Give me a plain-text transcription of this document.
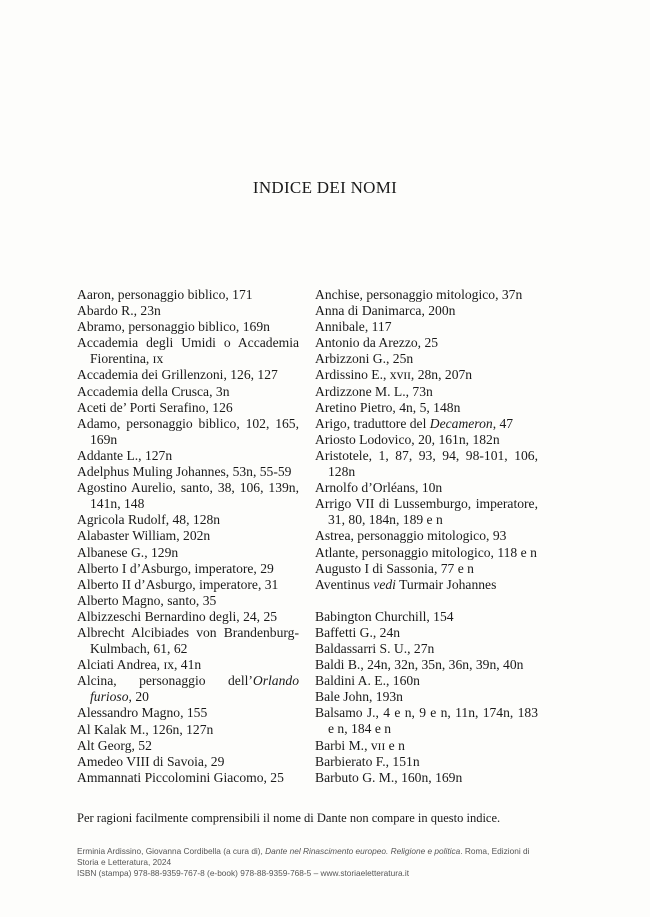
INDICE DEI NOMI
Aaron, personaggio biblico, 171
Abardo R., 23n
Abramo, personaggio biblico, 169n
Accademia degli Umidi o Accademia Fiorentina, ɪx
Accademia dei Grillenzoni, 126, 127
Accademia della Crusca, 3n
Aceti de’ Porti Serafino, 126
Adamo, personaggio biblico, 102, 165, 169n
Addante L., 127n
Adelphus Muling Johannes, 53n, 55-59
Agostino Aurelio, santo, 38, 106, 139n, 141n, 148
Agricola Rudolf, 48, 128n
Alabaster William, 202n
Albanese G., 129n
Alberto I d’Asburgo, imperatore, 29
Alberto II d’Asburgo, imperatore, 31
Alberto Magno, santo, 35
Albizzeschi Bernardino degli, 24, 25
Albrecht Alcibiades von Brandenburg-Kulmbach, 61, 62
Alciati Andrea, ɪx, 41n
Alcina, personaggio dell’Orlando furioso, 20
Alessandro Magno, 155
Al Kalak M., 126n, 127n
Alt Georg, 52
Amedeo VIII di Savoia, 29
Ammannati Piccolomini Giacomo, 25
Anchise, personaggio mitologico, 37n
Anna di Danimarca, 200n
Annibale, 117
Antonio da Arezzo, 25
Arbizzoni G., 25n
Ardissino E., xᴠɪɪ, 28n, 207n
Ardizzone M. L., 73n
Aretino Pietro, 4n, 5, 148n
Arigo, traduttore del Decameron, 47
Ariosto Lodovico, 20, 161n, 182n
Aristotele, 1, 87, 93, 94, 98-101, 106, 128n
Arnolfo d’Orléans, 10n
Arrigo VII di Lussemburgo, imperatore, 31, 80, 184n, 189 e n
Astrea, personaggio mitologico, 93
Atlante, personaggio mitologico, 118 e n
Augusto I di Sassonia, 77 e n
Aventinus vedi Turmair Johannes
Babington Churchill, 154
Baffetti G., 24n
Baldassarri S. U., 27n
Baldi B., 24n, 32n, 35n, 36n, 39n, 40n
Baldini A. E., 160n
Bale John, 193n
Balsamo J., 4 e n, 9 e n, 11n, 174n, 183 e n, 184 e n
Barbi M., ᴠɪɪ e n
Barbierato F., 151n
Barbuto G. M., 160n, 169n
Per ragioni facilmente comprensibili il nome di Dante non compare in questo indice.
Erminia Ardissino, Giovanna Cordibella (a cura di), Dante nel Rinascimento europeo. Religione e politica. Roma, Edizioni di Storia e Letteratura, 2024
ISBN (stampa) 978-88-9359-767-8 (e-book) 978-88-9359-768-5 – www.storiaeletteratura.it
